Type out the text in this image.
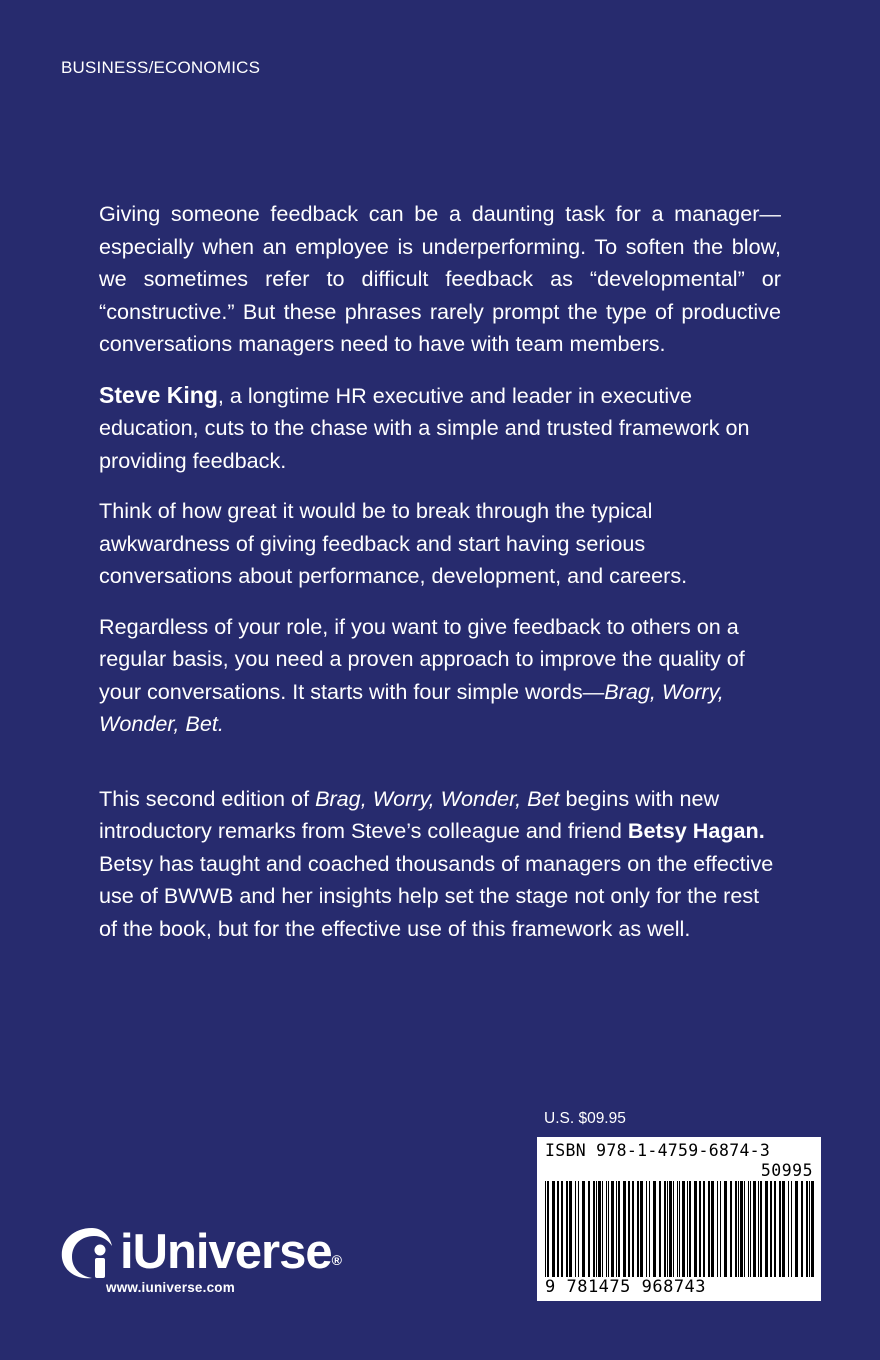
BUSINESS/ECONOMICS

Giving someone feedback can be a daunting task for a manager—especially when an employee is underperforming. To soften the blow, we sometimes refer to difficult feedback as “developmental” or “constructive.” But these phrases rarely prompt the type of productive conversations managers need to have with team members.

Steve King, a longtime HR executive and leader in executive education, cuts to the chase with a simple and trusted framework on providing feedback.

Think of how great it would be to break through the typical awkwardness of giving feedback and start having serious conversations about performance, development, and careers.

Regardless of your role, if you want to give feedback to others on a regular basis, you need a proven approach to improve the quality of your conversations. It starts with four simple words—Brag, Worry, Wonder, Bet.

This second edition of Brag, Worry, Wonder, Bet begins with new introductory remarks from Steve’s colleague and friend Betsy Hagan. Betsy has taught and coached thousands of managers on the effective use of BWWB and her insights help set the stage not only for the rest of the book, but for the effective use of this framework as well.

U.S. $09.95
ISBN 978-1-4759-6874-3
50995
9 781475 968743
iUniverse®
www.iuniverse.com
